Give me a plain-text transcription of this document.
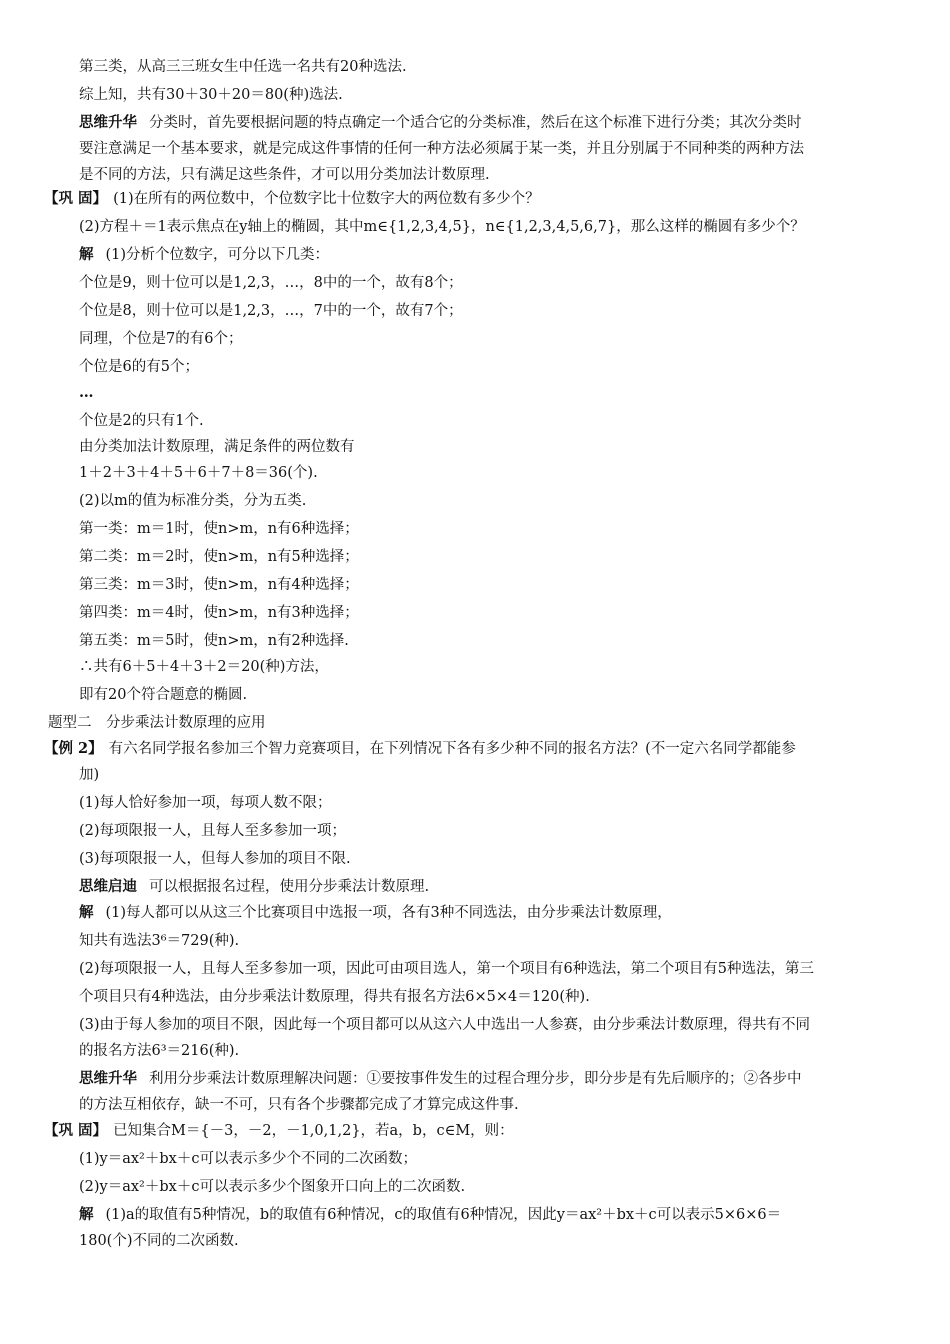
第三类，从高三三班女生中任选一名共有20种选法.
综上知，共有30＋30＋20＝80(种)选法.
思维升华 分类时，首先要根据问题的特点确定一个适合它的分类标准，然后在这个标准下进行分类；其次分类时
要注意满足一个基本要求，就是完成这件事情的任何一种方法必须属于某一类，并且分别属于不同种类的两种方法
是不同的方法，只有满足这些条件，才可以用分类加法计数原理.
【巩 固】 (1)在所有的两位数中，个位数字比十位数字大的两位数有多少个？
(2)方程＋＝1表示焦点在y轴上的椭圆，其中m∈{1,2,3,4,5}，n∈{1,2,3,4,5,6,7}，那么这样的椭圆有多少个？
解 (1)分析个位数字，可分以下几类：
个位是9，则十位可以是1,2,3，…，8中的一个，故有8个；
个位是8，则十位可以是1,2,3，…，7中的一个，故有7个；
同理，个位是7的有6个；
个位是6的有5个；
…
个位是2的只有1个.
由分类加法计数原理，满足条件的两位数有
1＋2＋3＋4＋5＋6＋7＋8＝36(个).
(2)以m的值为标准分类，分为五类.
第一类：m＝1时，使n>m，n有6种选择；
第二类：m＝2时，使n>m，n有5种选择；
第三类：m＝3时，使n>m，n有4种选择；
第四类：m＝4时，使n>m，n有3种选择；
第五类：m＝5时，使n>m，n有2种选择.
∴共有6＋5＋4＋3＋2＝20(种)方法，
即有20个符合题意的椭圆.
题型二　分步乘法计数原理的应用
【例 2】 有六名同学报名参加三个智力竞赛项目，在下列情况下各有多少种不同的报名方法？(不一定六名同学都能参
加)
(1)每人恰好参加一项，每项人数不限；
(2)每项限报一人，且每人至多参加一项；
(3)每项限报一人，但每人参加的项目不限.
思维启迪 可以根据报名过程，使用分步乘法计数原理.
解 (1)每人都可以从这三个比赛项目中选报一项，各有3种不同选法，由分步乘法计数原理，
知共有选法3⁶＝729(种).
(2)每项限报一人，且每人至多参加一项，因此可由项目选人，第一个项目有6种选法，第二个项目有5种选法，第三
个项目只有4种选法，由分步乘法计数原理，得共有报名方法6×5×4＝120(种).
(3)由于每人参加的项目不限，因此每一个项目都可以从这六人中选出一人参赛，由分步乘法计数原理，得共有不同
的报名方法6³＝216(种).
思维升华 利用分步乘法计数原理解决问题：①要按事件发生的过程合理分步，即分步是有先后顺序的；②各步中
的方法互相依存，缺一不可，只有各个步骤都完成了才算完成这件事.
【巩 固】 已知集合M＝{－3，－2，－1,0,1,2}，若a，b，c∈M，则：
(1)y＝ax²＋bx＋c可以表示多少个不同的二次函数；
(2)y＝ax²＋bx＋c可以表示多少个图象开口向上的二次函数.
解 (1)a的取值有5种情况，b的取值有6种情况，c的取值有6种情况，因此y＝ax²＋bx＋c可以表示5×6×6＝
180(个)不同的二次函数.
